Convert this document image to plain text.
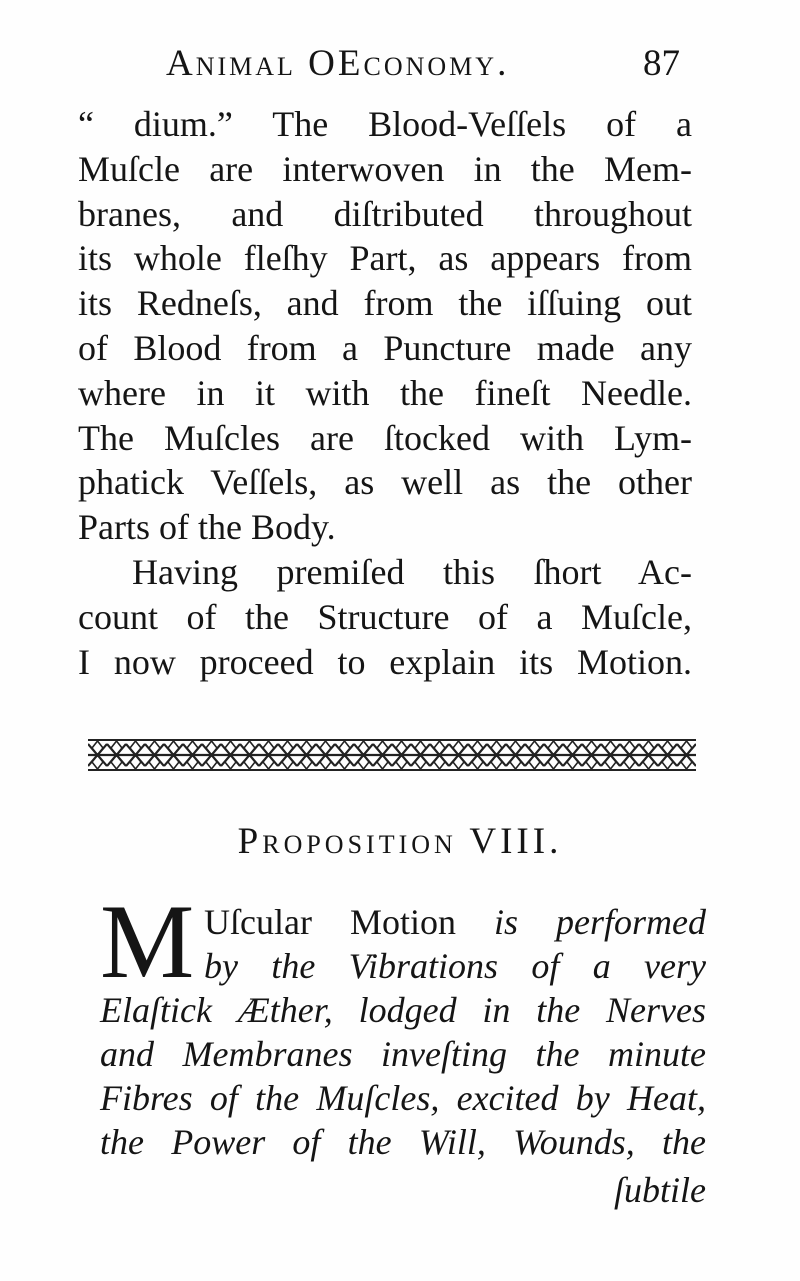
Animal OEconomy.	87
“ dium.” The Blood-Veſſels of a
Muſcle are interwoven in the Mem-
branes, and diſtributed throughout
its whole fleſhy Part, as appears from
its Redneſs, and from the iſſuing out
of Blood from a Puncture made any
where in it with the fineſt Needle.
The Muſcles are ſtocked with Lym-
phatick Veſſels, as well as the other
Parts of the Body.
Having premiſed this ſhort Ac-
count of the Structure of a Muſcle,
I now proceed to explain its Motion.
Proposition VIII.
M Uſcular Motion is performed
by the Vibrations of a very
Elaſtick Æther, lodged in the Nerves
and Membranes inveſting the minute
Fibres of the Muſcles, excited by Heat,
the Power of the Will, Wounds, the
ſubtile
